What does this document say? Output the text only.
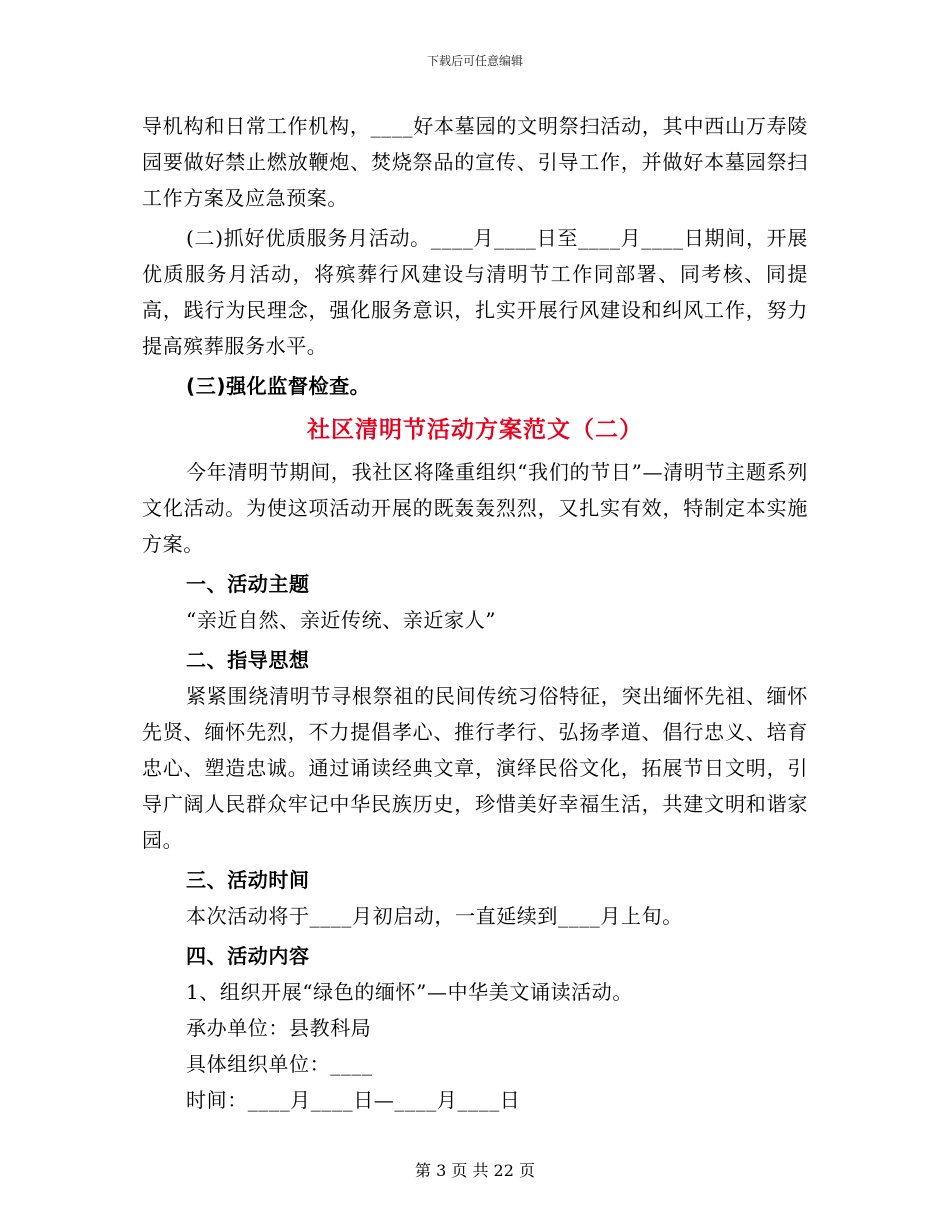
下载后可任意编辑

导机构和日常工作机构，____好本墓园的文明祭扫活动，其中西山万寿陵园要做好禁止燃放鞭炮、焚烧祭品的宣传、引导工作，并做好本墓园祭扫工作方案及应急预案。

(二)抓好优质服务月活动。____月____日至____月____日期间，开展优质服务月活动，将殡葬行风建设与清明节工作同部署、同考核、同提高，践行为民理念，强化服务意识，扎实开展行风建设和纠风工作，努力提高殡葬服务水平。

(三)强化监督检查。

社区清明节活动方案范文（二）

今年清明节期间，我社区将隆重组织“我们的节日”—清明节主题系列文化活动。为使这项活动开展的既轰轰烈烈，又扎实有效，特制定本实施方案。

一、活动主题

“亲近自然、亲近传统、亲近家人”

二、指导思想

紧紧围绕清明节寻根祭祖的民间传统习俗特征，突出缅怀先祖、缅怀先贤、缅怀先烈，不力提倡孝心、推行孝行、弘扬孝道、倡行忠义、培育忠心、塑造忠诚。通过诵读经典文章，演绎民俗文化，拓展节日文明，引导广阔人民群众牢记中华民族历史，珍惜美好幸福生活，共建文明和谐家园。

三、活动时间

本次活动将于____月初启动，一直延续到____月上旬。

四、活动内容

1、组织开展“绿色的缅怀”—中华美文诵读活动。

承办单位：县教科局

具体组织单位：____

时间：____月____日—____月____日

第 3 页 共 22 页
